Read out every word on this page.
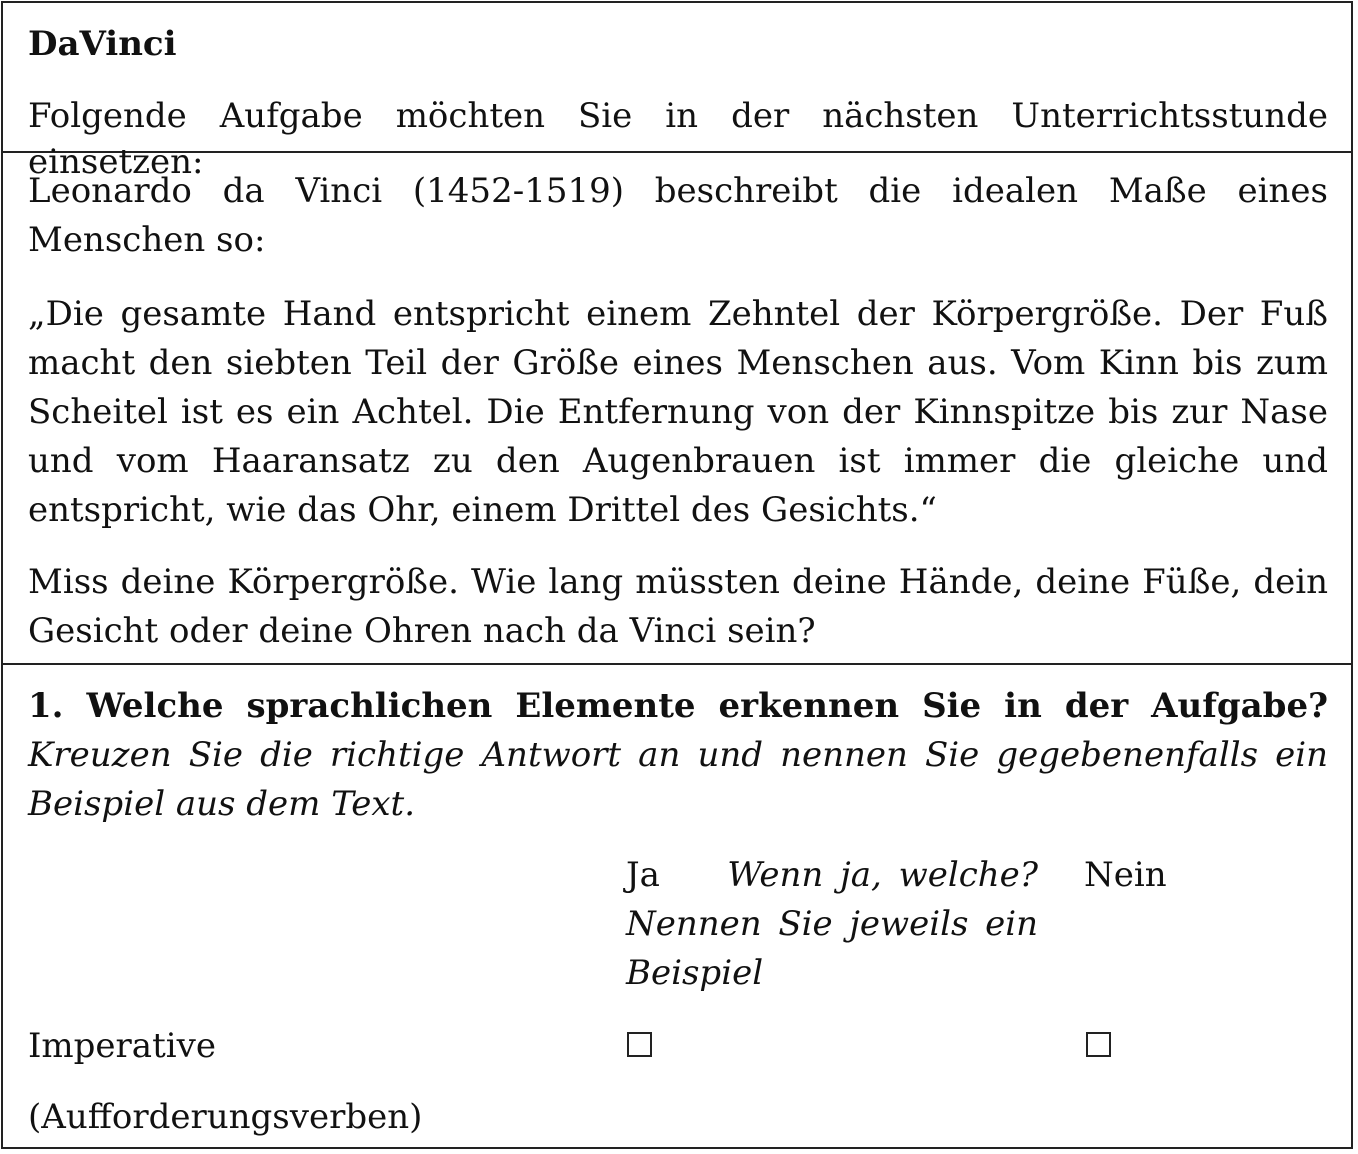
DaVinci

Folgende Aufgabe möchten Sie in der nächsten Unterrichtsstunde einsetzen:

Leonardo da Vinci (1452-1519) beschreibt die idealen Maße eines Menschen so:

„Die gesamte Hand entspricht einem Zehntel der Körpergröße. Der Fuß macht den siebten Teil der Größe eines Menschen aus. Vom Kinn bis zum Scheitel ist es ein Achtel. Die Entfernung von der Kinnspitze bis zur Nase und vom Haaransatz zu den Augenbrauen ist immer die gleiche und entspricht, wie das Ohr, einem Drittel des Gesichts.“

Miss deine Körpergröße. Wie lang müssten deine Hände, deine Füße, dein Gesicht oder deine Ohren nach da Vinci sein?

1. Welche sprachlichen Elemente erkennen Sie in der Aufgabe? Kreuzen Sie die richtige Antwort an und nennen Sie gegebenenfalls ein Beispiel aus dem Text.

Ja Wenn ja, welche? Nennen Sie jeweils ein Beispiel

Nein

Imperative

(Aufforderungsverben)
